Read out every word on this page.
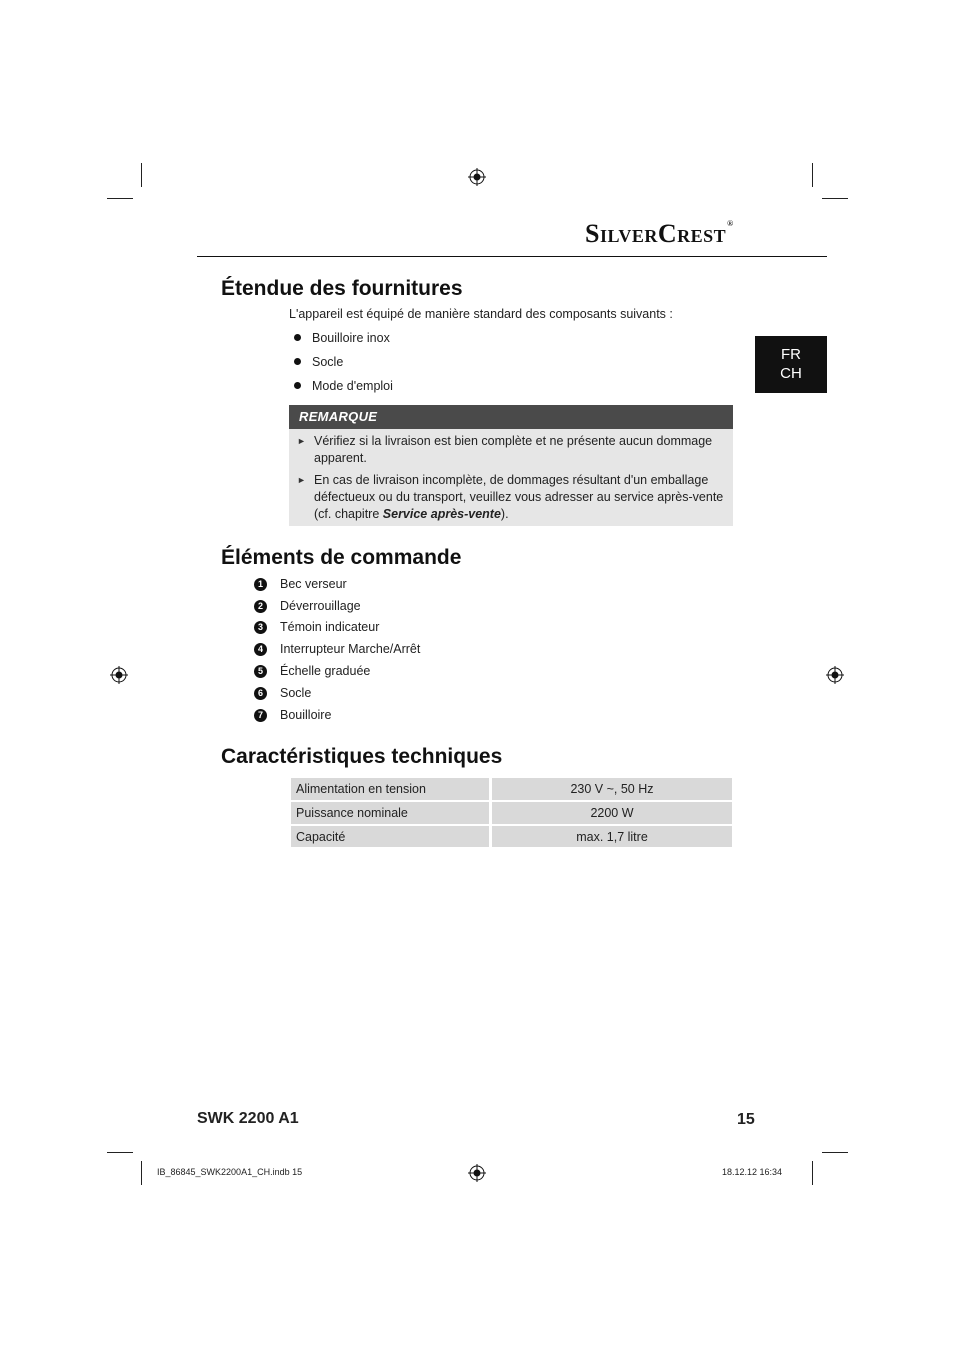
SilverCrest®
FR
CH
Étendue des fournitures
L'appareil est équipé de manière standard des composants suivants :
Bouilloire inox
Socle
Mode d'emploi
REMARQUE
► Vérifiez si la livraison est bien complète et ne présente aucun dommage
apparent.
► En cas de livraison incomplète, de dommages résultant d'un emballage
défectueux ou du transport, veuillez vous adresser au service après-vente
(cf. chapitre Service après-vente).
Éléments de commande
1	Bec verseur
2	Déverrouillage
3	Témoin indicateur
4	Interrupteur Marche/Arrêt
5	Échelle graduée
6	Socle
7	Bouilloire
Caractéristiques techniques
Alimentation en tension	230 V ~, 50 Hz
Puissance nominale	2200 W
Capacité	max. 1,7 litre
SWK 2200 A1	15
IB_86845_SWK2200A1_CH.indb 15	18.12.12 16:34
